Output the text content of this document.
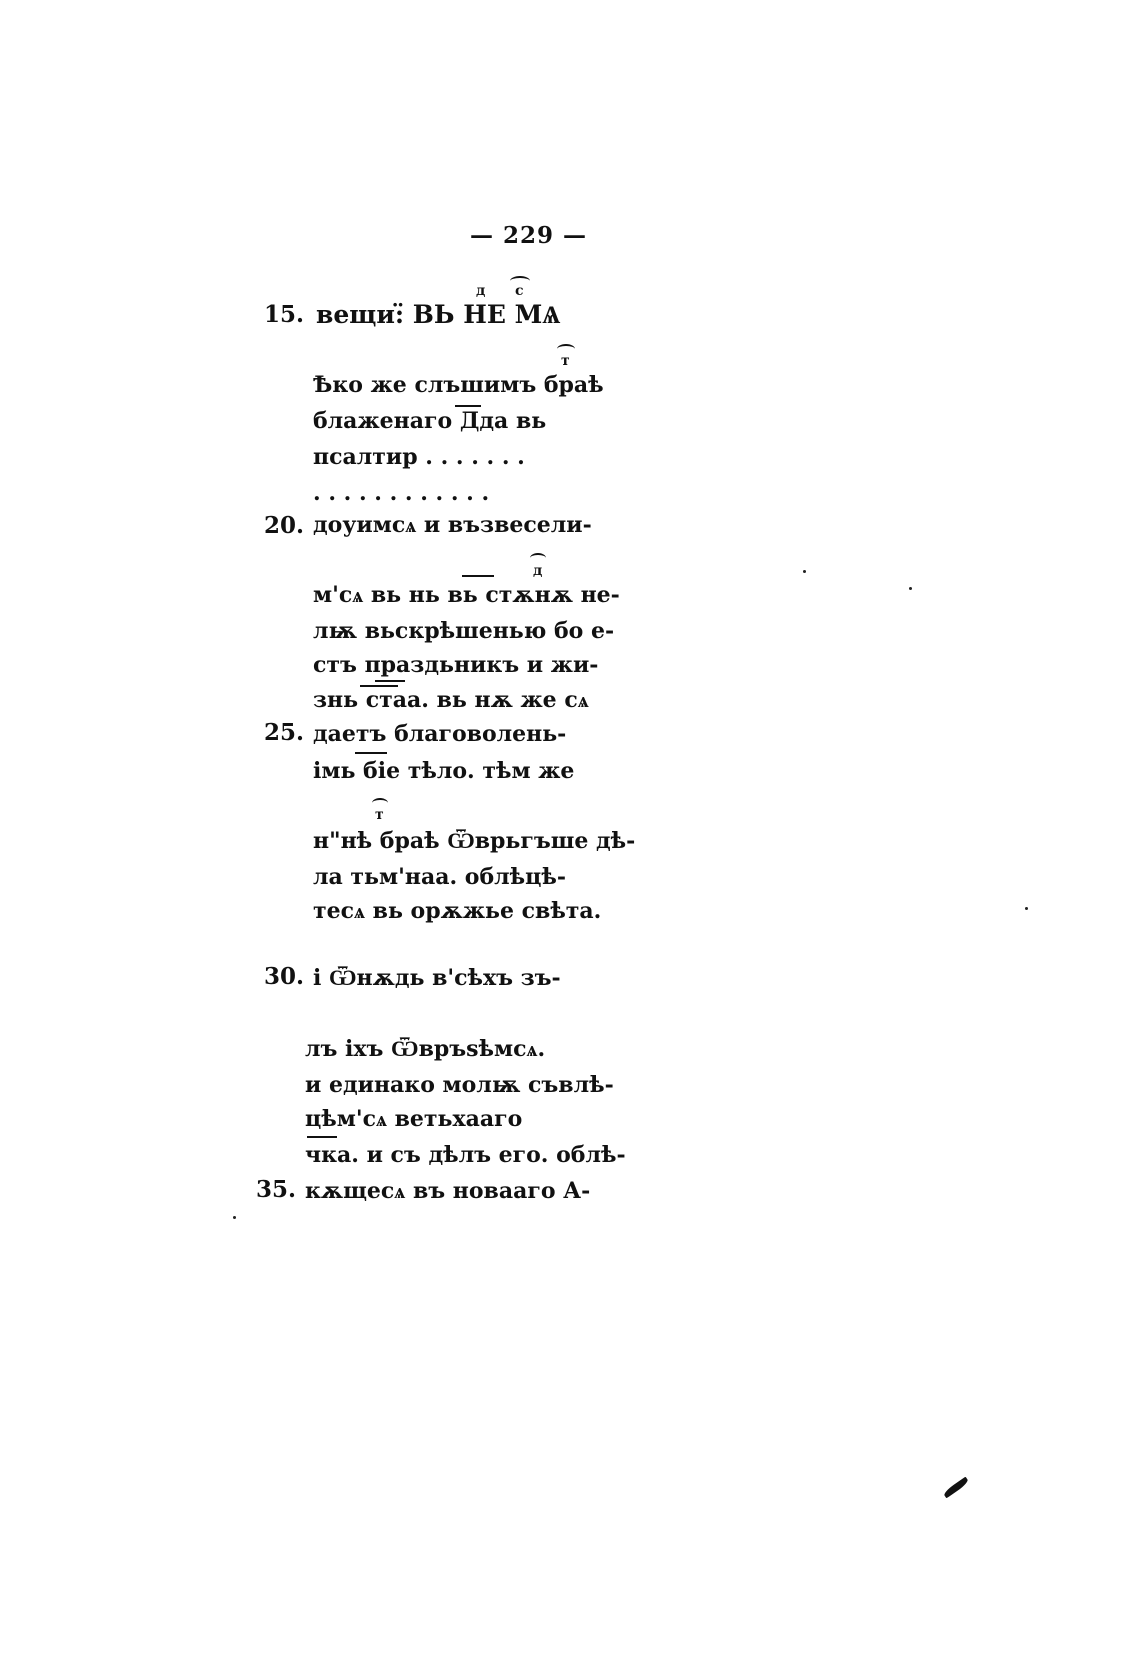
— 229 —
15.
д с
вещи:̈ ВЬ НЕ МѦ
т
Ѣко же слъшимъ браѣ
блаженаго Дда вь
псалтир . . . . . . .
. . . . . . . . . . . .
20. доуимсѧ и възвесели-
д
м'сѧ вь нь вь стѫнѫ не-
лѭ вьскрѣшенью бо е-
стъ праздьникъ и жи-
знь стаа. вь нѫ же сѧ
25. даетъ благоволень-
імь біе тѣло. тѣм же
т
н"нѣ браѣ Ѿврьгъше дѣ-
ла тьм'наа. облѣцѣ-
тесѧ вь орѫжье свѣта.
30. і Ѿнѫдь в'сѣхъ зъ-
лъ іхъ Ѿвръѕѣмсѧ.
и единако молѭ съвлѣ-
цѣм'сѧ ветьхааго
чка. и съ дѣлъ его. облѣ-
35. кѫщесѧ въ новааго А-
